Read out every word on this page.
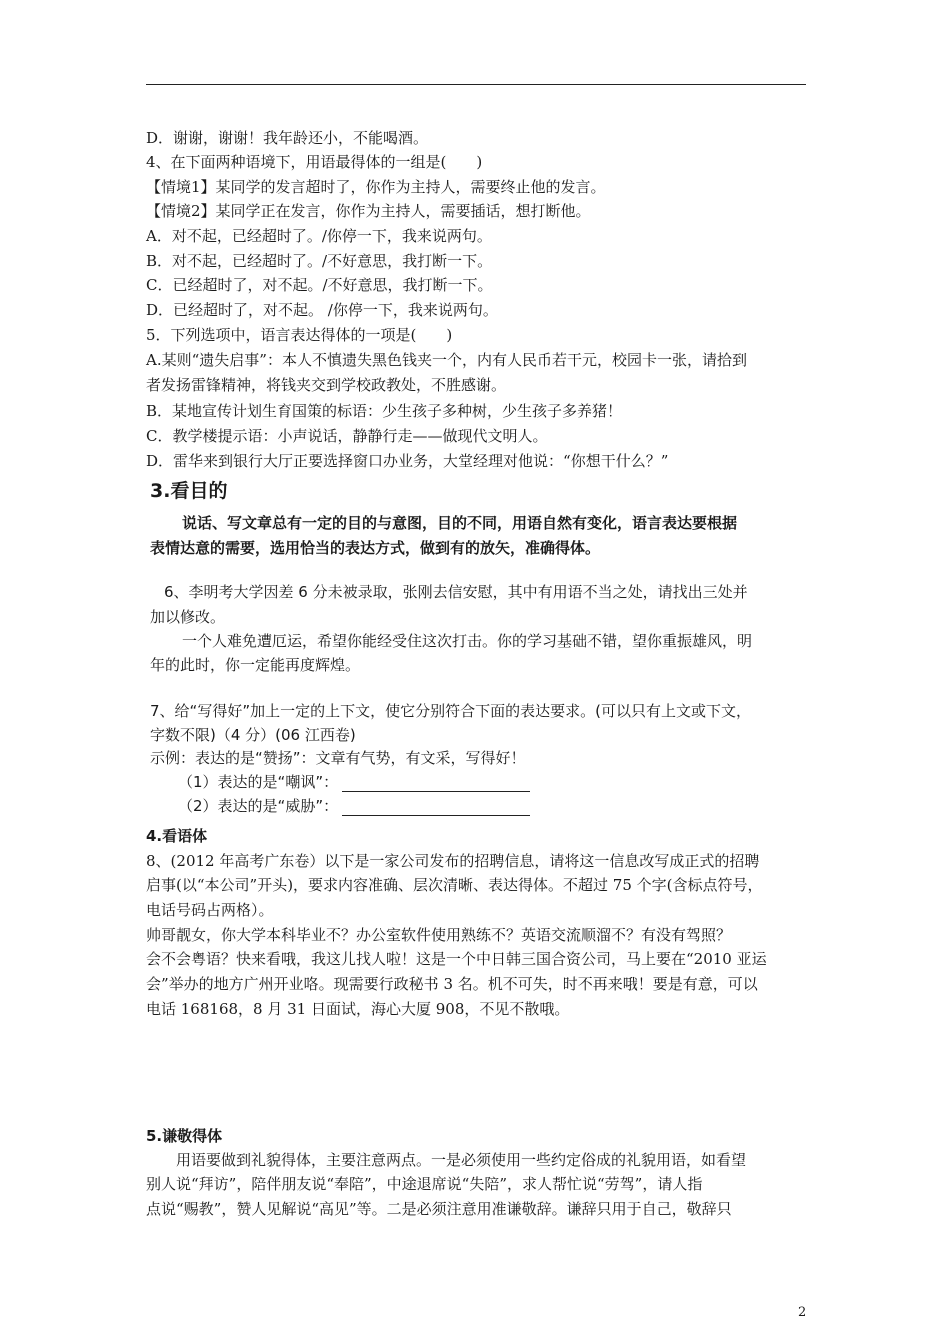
D．谢谢，谢谢！我年龄还小，不能喝酒。
4、在下面两种语境下，用语最得体的一组是(　　)
【情境1】某同学的发言超时了，你作为主持人，需要终止他的发言。
【情境2】某同学正在发言，你作为主持人，需要插话，想打断他。
A．对不起，已经超时了。/你停一下，我来说两句。
B．对不起，已经超时了。/不好意思，我打断一下。
C．已经超时了，对不起。/不好意思，我打断一下。
D．已经超时了，对不起。 /你停一下，我来说两句。
5．下列选项中，语言表达得体的一项是(　　)
A.某则“遗失启事”：本人不慎遗失黑色钱夹一个，内有人民币若干元，校园卡一张，请拾到
者发扬雷锋精神，将钱夹交到学校政教处，不胜感谢。
B．某地宣传计划生育国策的标语：少生孩子多种树，少生孩子多养猪！
C．教学楼提示语：小声说话，静静行走——做现代文明人。
D．雷华来到银行大厅正要选择窗口办业务，大堂经理对他说：“你想干什么？”
3.看目的
说话、写文章总有一定的目的与意图，目的不同，用语自然有变化，语言表达要根据
表情达意的需要，选用恰当的表达方式，做到有的放矢，准确得体。
6、李明考大学因差 6 分未被录取，张刚去信安慰，其中有用语不当之处，请找出三处并
加以修改。
一个人难免遭厄运，希望你能经受住这次打击。你的学习基础不错，望你重振雄风，明
年的此时，你一定能再度辉煌。
7、给“写得好”加上一定的上下文，使它分别符合下面的表达要求。(可以只有上文或下文，
字数不限)（4 分）(06 江西卷)
示例：表达的是“赞扬”：文章有气势，有文采，写得好！
（1）表达的是“嘲讽”：
（2）表达的是“威胁”：
4.看语体
8、(2012 年高考广东卷）以下是一家公司发布的招聘信息，请将这一信息改写成正式的招聘
启事(以“本公司”开头)，要求内容准确、层次清晰、表达得体。不超过 75 个字(含标点符号，
电话号码占两格）。
帅哥靓女，你大学本科毕业不？办公室软件使用熟练不？英语交流顺溜不？有没有驾照？
会不会粤语？快来看哦，我这儿找人啦！这是一个中日韩三国合资公司，马上要在“2010 亚运
会”举办的地方广州开业咯。现需要行政秘书 3 名。机不可失，时不再来哦！要是有意，可以
电话 168168，8 月 31 日面试，海心大厦 908，不见不散哦。
5.谦敬得体
　　用语要做到礼貌得体，主要注意两点。一是必须使用一些约定俗成的礼貌用语，如看望
别人说“拜访”，陪伴朋友说“奉陪”，中途退席说“失陪”，求人帮忙说“劳驾”，请人指
点说“赐教”，赞人见解说“高见”等。二是必须注意用准谦敬辞。谦辞只用于自己，敬辞只
2
